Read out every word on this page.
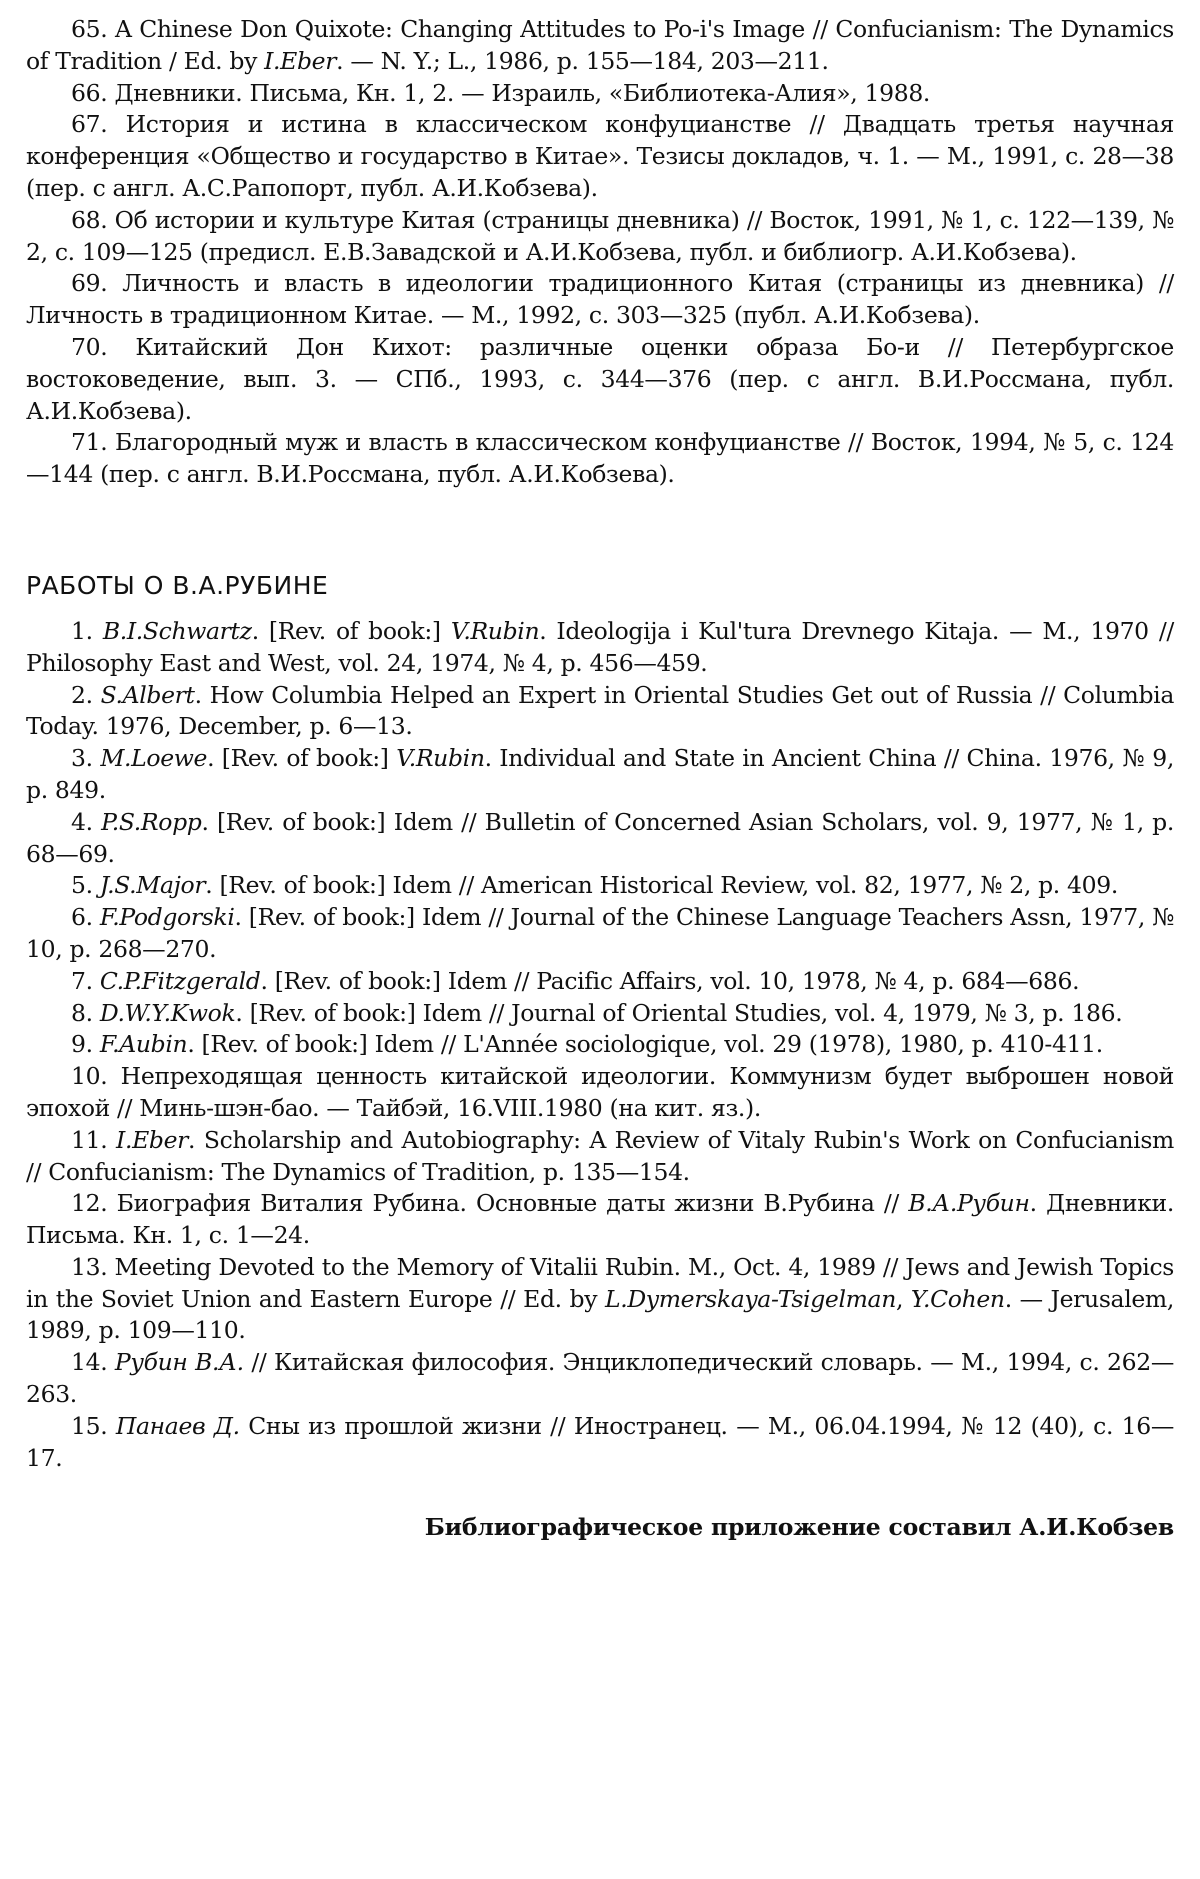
65. A Chinese Don Quixote: Changing Attitudes to Po-i's Image // Confucianism: The Dynamics of Tradition / Ed. by I.Eber. — N. Y.; L., 1986, p. 155—184, 203—211.

66. Дневники. Письма, Кн. 1, 2. — Израиль, «Библиотека-Алия», 1988.

67. История и истина в классическом конфуцианстве // Двадцать третья научная конференция «Общество и государство в Китае». Тезисы докладов, ч. 1. — М., 1991, с. 28—38 (пер. с англ. А.С.Рапопорт, публ. А.И.Кобзева).

68. Об истории и культуре Китая (страницы дневника) // Восток, 1991, № 1, с. 122—139, № 2, с. 109—125 (предисл. Е.В.Завадской и А.И.Кобзева, публ. и библиогр. А.И.Кобзева).

69. Личность и власть в идеологии традиционного Китая (страницы из дневника) // Личность в традиционном Китае. — М., 1992, с. 303—325 (публ. А.И.Кобзева).

70. Китайский Дон Кихот: различные оценки образа Бо-и // Петербургское востоковедение, вып. 3. — СПб., 1993, с. 344—376 (пер. с англ. В.И.Россмана, публ. А.И.Кобзева).

71. Благородный муж и власть в классическом конфуцианстве // Восток, 1994, № 5, с. 124—144 (пер. с англ. В.И.Россмана, публ. А.И.Кобзева).

РАБОТЫ О В.А.РУБИНЕ

1. B.I.Schwartz. [Rev. of book:] V.Rubin. Ideologija i Kul'tura Drevnego Kitaja. — M., 1970 // Philosophy East and West, vol. 24, 1974, № 4, p. 456—459.

2. S.Albert. How Columbia Helped an Expert in Oriental Studies Get out of Russia // Columbia Today. 1976, December, p. 6—13.

3. M.Loewe. [Rev. of book:] V.Rubin. Individual and State in Ancient China // China. 1976, № 9, p. 849.

4. P.S.Ropp. [Rev. of book:] Idem // Bulletin of Concerned Asian Scholars, vol. 9, 1977, № 1, p. 68—69.

5. J.S.Major. [Rev. of book:] Idem // American Historical Review, vol. 82, 1977, № 2, p. 409.

6. F.Podgorski. [Rev. of book:] Idem // Journal of the Chinese Language Teachers Assn, 1977, № 10, p. 268—270.

7. C.P.Fitzgerald. [Rev. of book:] Idem // Pacific Affairs, vol. 10, 1978, № 4, p. 684—686.

8. D.W.Y.Kwok. [Rev. of book:] Idem // Journal of Oriental Studies, vol. 4, 1979, № 3, p. 186.

9. F.Aubin. [Rev. of book:] Idem // L'Année sociologique, vol. 29 (1978), 1980, p. 410-411.

10. Непреходящая ценность китайской идеологии. Коммунизм будет выброшен новой эпохой // Минь-шэн-бао. — Тайбэй, 16.VIII.1980 (на кит. яз.).

11. I.Eber. Scholarship and Autobiography: A Review of Vitaly Rubin's Work on Confucianism // Confucianism: The Dynamics of Tradition, p. 135—154.

12. Биография Виталия Рубина. Основные даты жизни В.Рубина // В.А.Рубин. Дневники. Письма. Кн. 1, с. 1—24.

13. Meeting Devoted to the Memory of Vitalii Rubin. M., Oct. 4, 1989 // Jews and Jewish Topics in the Soviet Union and Eastern Europe // Ed. by L.Dymerskaya-Tsigelman, Y.Cohen. — Jerusalem, 1989, p. 109—110.

14. Рубин В.А. // Китайская философия. Энциклопедический словарь. — М., 1994, с. 262—263.

15. Панаев Д. Сны из прошлой жизни // Иностранец. — М., 06.04.1994, № 12 (40), с. 16—17.

Библиографическое приложение составил А.И.Кобзев
